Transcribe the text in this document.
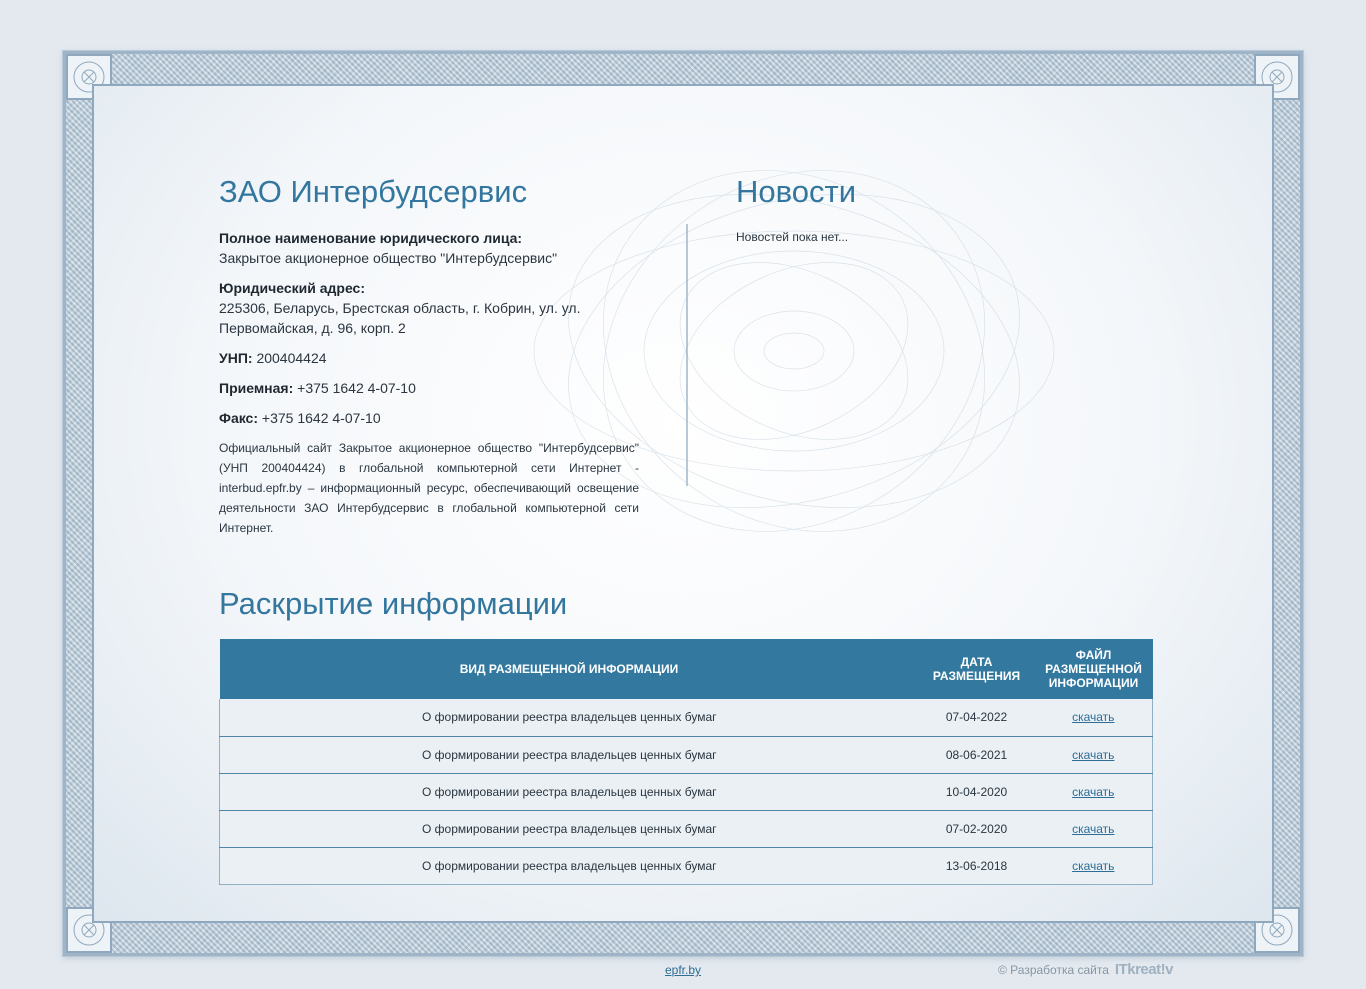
ЗАО Интербудсервис
Полное наименование юридического лица:
Закрытое акционерное общество "Интербудсервис"
Юридический адрес:
225306, Беларусь, Брестская область, г. Кобрин, ул. ул. Первомайская, д. 96, корп. 2
УНП: 200404424
Приемная: +375 1642 4-07-10
Факс: +375 1642 4-07-10
Официальный сайт Закрытое акционерное общество "Интербудсервис" (УНП 200404424) в глобальной компьютерной сети Интернет - interbud.epfr.by – информационный ресурс, обеспечивающий освещение деятельности ЗАО Интербудсервис в глобальной компьютерной сети Интернет.
Новости
Новостей пока нет...
Раскрытие информации
ВИД РАЗМЕЩЕННОЙ ИНФОРМАЦИИ	ДАТА РАЗМЕЩЕНИЯ	ФАЙЛ РАЗМЕЩЕННОЙ ИНФОРМАЦИИ
О формировании реестра владельцев ценных бумаг	07-04-2022	скачать
О формировании реестра владельцев ценных бумаг	08-06-2021	скачать
О формировании реестра владельцев ценных бумаг	10-04-2020	скачать
О формировании реестра владельцев ценных бумаг	07-02-2020	скачать
О формировании реестра владельцев ценных бумаг	13-06-2018	скачать
epfr.by	© Разработка сайта ITkreat!v
